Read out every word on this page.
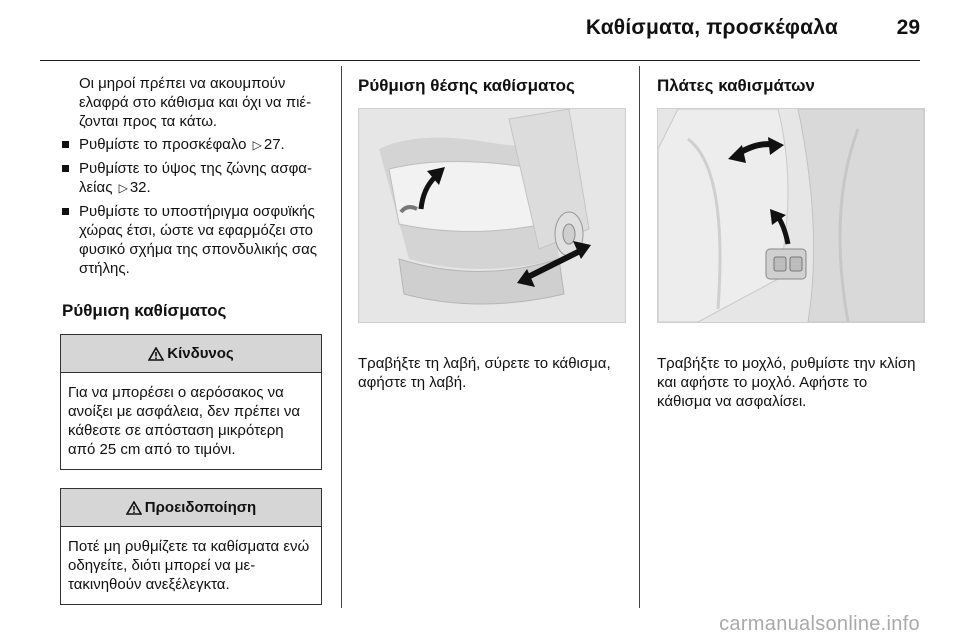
Καθίσματα, προσκέφαλα	29

Οι μηροί πρέπει να ακουμπούν ελαφρά στο κάθισμα και όχι να πιέ-ζονται προς τα κάτω.

Ρυθμίστε το προσκέφαλο ▷ 27.

Ρυθμίστε το ύψος της ζώνης ασφα-λείας ▷ 32.

Ρυθμίστε το υποστήριγμα οσφυϊκής χώρας έτσι, ώστε να εφαρμόζει στο φυσικό σχήμα της σπονδυλικής σας στήλης.

Ρύθμιση καθίσματος
Κίνδυνος

Για να μπορέσει ο αερόσακος να ανοίξει με ασφάλεια, δεν πρέπει να κάθεστε σε απόσταση μικρότερη από 25 cm από το τιμόνι.

Προειδοποίηση

Ποτέ μη ρυθμίζετε τα καθίσματα ενώ οδηγείτε, διότι μπορεί να με-τακινηθούν ανεξέλεγκτα.

Ρύθμιση θέσης καθίσματος

Τραβήξτε τη λαβή, σύρετε το κάθισμα, αφήστε τη λαβή.

Πλάτες καθισμάτων

Τραβήξτε το μοχλό, ρυθμίστε την κλίση και αφήστε το μοχλό. Αφήστε το κάθισμα να ασφαλίσει.

carmanualsonline.info
